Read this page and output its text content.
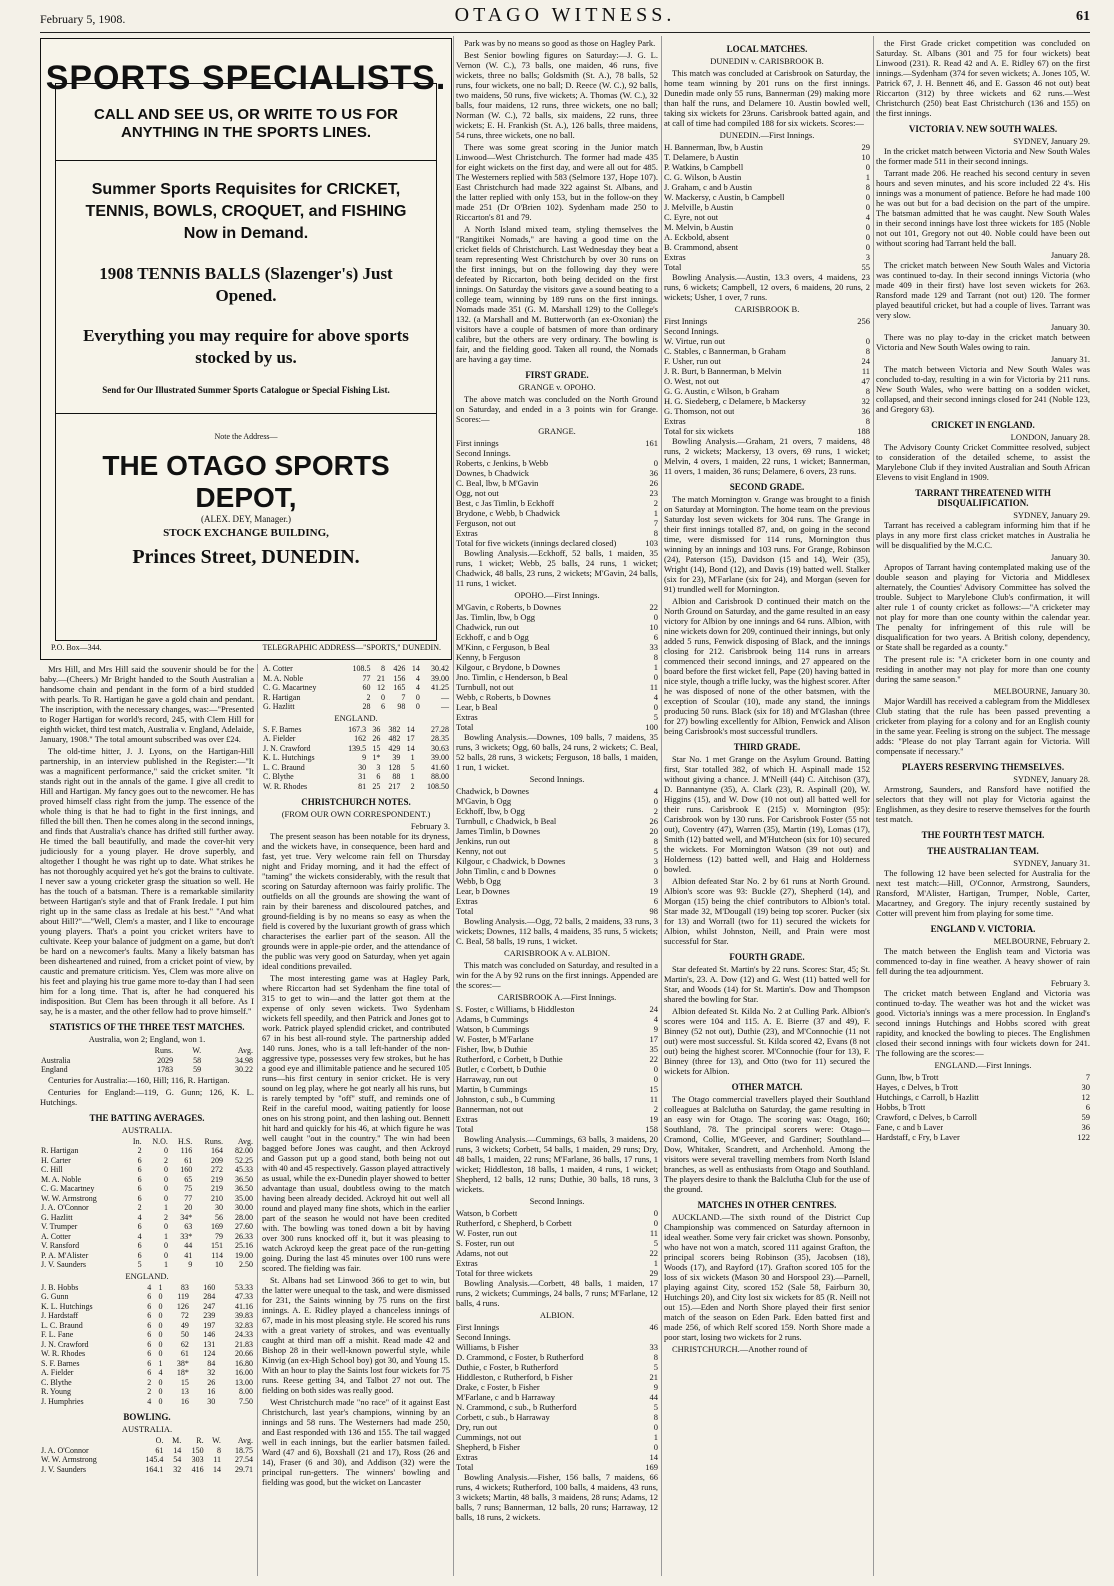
February 5, 1908.	OTAGO WITNESS.	61
SPORTS SPECIALISTS.
CALL AND SEE US, OR WRITE TO US FOR ANYTHING IN THE SPORTS LINES.
Summer Sports Requisites for CRICKET, TENNIS, BOWLS, CROQUET, and FISHING Now in Demand.
1908 TENNIS BALLS (Slazenger's) Just Opened.
Everything you may require for above sports stocked by us.
Send for Our Illustrated Summer Sports Catalogue or Special Fishing List.
Note the Address—
THE OTAGO SPORTS DEPOT,
(ALEX. DEY, Manager.)
STOCK EXCHANGE BUILDING,
Princes Street, DUNEDIN.
P.O. Box—344.	TELEGRAPHIC ADDRESS—"SPORTS," DUNEDIN.

Mrs Hill, and Mrs Hill said the souvenir should be for the baby.—(Cheers.) Mr Bright handed to the South Australian a handsome chain and pendant in the form of a bird studded with pearls. To R. Hartigan he gave a gold chain and pendant. The inscription, with the necessary changes, was:—"Presented to Roger Hartigan for world's record, 245, with Clem Hill for eighth wicket, third test match, Australia v. England, Adelaide, January, 1908." The total amount subscribed was over £24.

The old-time hitter, J. J. Lyons, on the Hartigan-Hill partnership, in an interview published in the Register:—"It was a magnificent performance," said the cricket smiter. "It stands right out in the annals of the game. I give all credit to Hill and Hartigan. My fancy goes out to the newcomer. He has proved himself class right from the jump. The essence of the whole thing is that he had to fight in the first innings, and filled the bill then. Then he comes along in the second innings, and finds that Australia's chance has drifted still further away. He timed the ball beautifully, and made the cover-hit very judiciously for a young player. He drove superbly, and altogether I thought he was right up to date. What strikes he has not thoroughly acquired yet he's got the brains to cultivate. I never saw a young cricketer grasp the situation so well. He has the touch of a batsman. There is a remarkable similarity between Hartigan's style and that of Frank Iredale. I put him right up in the same class as Iredale at his best." "And what about Hill?"—"Well, Clem's a master, and I like to encourage young players. That's a point you cricket writers have to cultivate. Keep your balance of judgment on a game, but don't be hard on a newcomer's faults. Many a likely batsman has been disheartened and ruined, from a cricket point of view, by caustic and premature criticism. Yes, Clem was more alive on his feet and playing his true game more to-day than I had seen him for a long time. That is, after he had conquered his indisposition. But Clem has been through it all before. As I say, he is a master, and the other fellow had to prove himself."

STATISTICS OF THE THREE TEST MATCHES.
Australia, won 2; England, won 1.
	Runs.	W.	Avg.
Australia	2029	58	34.98
England	1783	59	30.22

Centuries for Australia:—160, Hill; 116, R. Hartigan.

Centuries for England:—119, G. Gunn; 126, K. L. Hutchings.

THE BATTING AVERAGES.
AUSTRALIA.
	In.	N.O.	H.S.	Runs.	Avg.
R. Hartigan	2	0	116	164	82.00
H. Carter	6	2	61	209	52.25
C. Hill	6	0	160	272	45.33
M. A. Noble	6	0	65	219	36.50
C. G. Macartney	6	0	75	219	36.50
W. W. Armstrong	6	0	77	210	35.00
J. A. O'Connor	2	1	20	30	30.00
G. Hazlitt	4	2	34*	56	28.00
V. Trumper	6	0	63	169	27.60
A. Cotter	4	1	33*	79	26.33
V. Ransford	6	0	44	151	25.16
P. A. M'Alister	6	0	41	114	19.00
J. V. Saunders	5	1	9	10	2.50
ENGLAND.
J. B. Hobbs	4	1	83	160	53.33
G. Gunn	6	0	119	284	47.33
K. L. Hutchings	6	0	126	247	41.16
J. Hardstaff	6	0	72	239	39.83
L. C. Braund	6	0	49	197	32.83
F. L. Fane	6	0	50	146	24.33
J. N. Crawford	6	0	62	131	21.83
W. R. Rhodes	6	0	61	124	20.66
S. F. Barnes	6	1	38*	84	16.80
A. Fielder	6	4	18*	32	16.00
C. Blythe	2	0	15	26	13.00
R. Young	2	0	13	16	8.00
J. Humphries	4	0	16	30	7.50
BOWLING.
AUSTRALIA.
	O.	M.	R.	W.	Avg.
J. A. O'Connor	61	14	150	8	18.75
W. W. Armstrong	145.4	54	303	11	27.54
J. V. Saunders	164.1	32	416	14	29.71
A. Cotter	108.5	8	426	14	30.42
M. A. Noble	77	21	156	4	39.00
C. G. Macartney	60	12	165	4	41.25
R. Hartigan	2	0	7	0	—
G. Hazlitt	28	6	98	0	—
ENGLAND.
S. F. Barnes	167.3	36	382	14	27.28
A. Fielder	162	26	482	17	28.35
J. N. Crawford	139.5	15	429	14	30.63
K. L. Hutchings	9	1*	39	1	39.00
L. C. Braund	30	3	128	5	41.60
C. Blythe	31	6	88	1	88.00
W. R. Rhodes	81	25	217	2	108.50
CHRISTCHURCH NOTES.
(FROM OUR OWN CORRESPONDENT.)
February 3.

The present season has been notable for its dryness, and the wickets have, in consequence, been hard and fast, yet true. Very welcome rain fell on Thursday night and Friday morning, and it had the effect of "taming" the wickets considerably, with the result that scoring on Saturday afternoon was fairly prolific. The outfields on all the grounds are showing the want of rain by their bareness and discoloured patches, and ground-fielding is by no means so easy as when the field is covered by the luxuriant growth of grass which characterises the earlier part of the season. All the grounds were in apple-pie order, and the attendance of the public was very good on Saturday, when yet again ideal conditions prevailed.

The most interesting game was at Hagley Park, where Riccarton had set Sydenham the fine total of 315 to get to win—and the latter got them at the expense of only seven wickets. Two Sydenham wickets fell speedily, and then Patrick and Jones got to work. Patrick played splendid cricket, and contributed 67 in his best all-round style. The partnership added 140 runs. Jones, who is a tall left-hander of the non-aggressive type, possesses very few strokes, but he has a good eye and illimitable patience and he secured 105 runs—his first century in senior cricket. He is very sound on leg play, where he got nearly all his runs, but is rarely tempted by "off" stuff, and reminds one of Reif in the careful mood, waiting patiently for loose ones on his strong point, and then lashing out. Bennett hit hard and quickly for his 46, at which figure he was well caught "out in the country." The win had been bagged before Jones was caught, and then Ackroyd and Gasson put up a good stand, both being not out with 40 and 45 respectively. Gasson played attractively as usual, while the ex-Dunedin player showed to better advantage than usual, doubtless owing to the match having been already decided. Ackroyd hit out well all round and played many fine shots, which in the earlier part of the season he would not have been credited with. The bowling was toned down a bit by having over 300 runs knocked off it, but it was pleasing to watch Ackroyd keep the great pace of the run-getting going. During the last 45 minutes over 100 runs were scored. The fielding was fair.

St. Albans had set Linwood 366 to get to win, but the latter were unequal to the task, and were dismissed for 231, the Saints winning by 75 runs on the first innings. A. E. Ridley played a chanceless innings of 67, made in his most pleasing style. He scored his runs with a great variety of strokes, and was eventually caught at third man off a mishit. Read made 42 and Bishop 28 in their well-known powerful style, while Kinvig (an ex-High School boy) got 30, and Young 15. With an hour to play the Saints lost four wickets for 75 runs. Reese getting 34, and Talbot 27 not out. The fielding on both sides was really good.

West Christchurch made "no race" of it against East Christchurch, last year's champions, winning by an innings and 58 runs. The Westerners had made 250, and East responded with 136 and 155. The tail wagged well in each innings, but the earlier batsmen failed. Ward (47 and 6), Boxshall (21 and 17), Ross (26 and 14), Fraser (6 and 30), and Addison (32) were the principal run-getters. The winners' bowling and fielding was good, but the wicket on Lancaster

Park was by no means so good as those on Hagley Park.

Best Senior bowling figures on Saturday:—J. G. L. Vernon (W. C.), 73 balls, one maiden, 46 runs, five wickets, three no balls; Goldsmith (St. A.), 78 balls, 52 runs, four wickets, one no ball; D. Reece (W. C.), 92 balls, two maidens, 50 runs, five wickets; A. Thomas (W. C.), 32 balls, four maidens, 12 runs, three wickets, one no ball; Norman (W. C.), 72 balls, six maidens, 22 runs, three wickets; E. H. Frankish (St. A.), 126 balls, three maidens, 54 runs, three wickets, one no ball.

There was some great scoring in the Junior match Linwood—West Christchurch. The former had made 435 for eight wickets on the first day, and were all out for 485. The Westerners replied with 583 (Selmore 137, Hope 107). East Christchurch had made 322 against St. Albans, and the latter replied with only 153, but in the follow-on they made 251 (Dr O'Brien 102). Sydenham made 250 to Riccarton's 81 and 79.

A North Island mixed team, styling themselves the "Rangitikei Nomads," are having a good time on the cricket fields of Christchurch. Last Wednesday they beat a team representing West Christchurch by over 30 runs on the first innings, but on the following day they were defeated by Riccarton, both being decided on the first innings. On Saturday the visitors gave a sound beating to a college team, winning by 189 runs on the first innings. Nomads made 351 (G. M. Marshall 129) to the College's 132. (a Marshall and M. Butterworth (an ex-Oxonian) the visitors have a couple of batsmen of more than ordinary calibre, but the others are very ordinary. The bowling is fair, and the fielding good. Taken all round, the Nomads are having a gay time.

FIRST GRADE.
GRANGE v. OPOHO.

The above match was concluded on the North Ground on Saturday, and ended in a 3 points win for Grange. Scores:—

GRANGE.
First innings	161
Second Innings.
Roberts, c Jenkins, b Webb	0
Downes, b Chadwick	36
C. Beal, lbw, b M'Gavin	26
Ogg, not out	23
Best, c Jas Timlin, b Eckhoff	2
Brydone, c Webb, b Chadwick	1
Ferguson, not out	7
Extras	8
Total for five wickets (innings declared closed)	103

Bowling Analysis.—Eckhoff, 52 balls, 1 maiden, 35 runs, 1 wicket; Webb, 25 balls, 24 runs, 1 wicket; Chadwick, 48 balls, 23 runs, 2 wickets; M'Gavin, 24 balls, 11 runs, 1 wicket.

OPOHO.—First Innings.
M'Gavin, c Roberts, b Downes	22
Jas. Timlin, lbw, b Ogg	0
Chadwick, run out	10
Eckhoff, c and b Ogg	6
M'Kinn, c Ferguson, b Beal	33
Kenny, b Ferguson	8
Kilgour, c Brydone, b Downes	1
Jno. Timlin, c Henderson, b Beal	0
Turnbull, not out	11
Webb, c Roberts, b Downes	4
Lear, b Beal	0
Extras	5
Total	100

Bowling Analysis.—Downes, 109 balls, 7 maidens, 35 runs, 3 wickets; Ogg, 60 balls, 24 runs, 2 wickets; C. Beal, 52 balls, 28 runs, 3 wickets; Ferguson, 18 balls, 1 maiden, 1 run, 1 wicket.

Second Innings.
Chadwick, b Downes	4
M'Gavin, b Ogg	0
Eckhoff, lbw, b Ogg	2
Turnbull, c Chadwick, b Beal	26
James Timlin, b Downes	20
Jenkins, run out	8
Kenny, not out	5
Kilgour, c Chadwick, b Downes	3
John Timlin, c and b Downes	0
Webb, b Ogg	3
Lear, b Downes	19
Extras	6
Total	98

Bowling Analysis.—Ogg, 72 balls, 2 maidens, 33 runs, 3 wickets; Downes, 112 balls, 4 maidens, 35 runs, 5 wickets; C. Beal, 58 balls, 19 runs, 1 wicket.

CARISBROOK A v. ALBION.

This match was concluded on Saturday, and resulted in a win for the A by 92 runs on the first innings. Appended are the scores:—

CARISBROOK A.—First Innings.
S. Foster, c Williams, b Hiddleston	24
Adams, b Cummings	4
Watson, b Cummings	9
W. Foster, b M'Farlane	17
Fisher, lbw, b Duthie	35
Rutherford, c Corbett, b Duthie	22
Butler, c Corbett, b Duthie	0
Harraway, run out	0
Martin, b Cummings	15
Johnston, c sub., b Cumming	11
Bannerman, not out	2
Extras	19
Total	158

Bowling Analysis.—Cummings, 63 balls, 3 maidens, 20 runs, 3 wickets; Corbett, 54 balls, 1 maiden, 29 runs; Dry, 48 balls, 1 maiden, 22 runs; M'Farlane, 36 balls, 17 runs, 1 wicket; Hiddleston, 18 balls, 1 maiden, 4 runs, 1 wicket; Shepherd, 12 balls, 12 runs; Duthie, 30 balls, 18 runs, 3 wickets.

Second Innings.
Watson, b Corbett	0
Rutherford, c Shepherd, b Corbett	0
W. Foster, run out	11
S. Foster, run out	5
Adams, not out	22
Extras	1
Total for three wickets	29

Bowling Analysis.—Corbett, 48 balls, 1 maiden, 17 runs, 2 wickets; Cummings, 24 balls, 7 runs; M'Farlane, 12 balls, 4 runs.

ALBION.
First Innings	46
Second Innings.
Williams, b Fisher	33
D. Crammond, c Foster, b Rutherford	8
Duthie, c Foster, b Rutherford	5
Hiddleston, c Rutherford, b Fisher	21
Drake, c Foster, b Fisher	9
M'Farlane, c and b Harraway	44
N. Crammond, c sub., b Rutherford	5
Corbett, c sub., b Harraway	8
Dry, run out	0
Cummings, not out	1
Shepherd, b Fisher	0
Extras	14
Total	169

Bowling Analysis.—Fisher, 156 balls, 7 maidens, 66 runs, 4 wickets; Rutherford, 100 balls, 4 maidens, 43 runs, 3 wickets; Martin, 48 balls, 3 maidens, 28 runs; Adams, 12 balls, 7 runs; Bannerman, 12 balls, 20 runs; Harraway, 12 balls, 18 runs, 2 wickets.

LOCAL MATCHES.
DUNEDIN v. CARISBROOK B.

This match was concluded at Carisbrook on Saturday, the home team winning by 201 runs on the first innings. Dunedin made only 55 runs, Bannerman (29) making more than half the runs, and Delamere 10. Austin bowled well, taking six wickets for 23runs. Carisbrook batted again, and at call of time had compiled 188 for six wickets. Scores:—

DUNEDIN.—First Innings.
H. Bannerman, lbw, b Austin	29
T. Delamere, b Austin	10
P. Watkins, b Campbell	0
C. G. Wilson, b Austin	1
J. Graham, c and b Austin	8
W. Mackersy, c Austin, b Campbell	0
J. Melville, b Austin	0
C. Eyre, not out	4
M. Melvin, b Austin	0
A. Eckbold, absent	0
B. Crammond, absent	0
Extras	3
Total	55

Bowling Analysis.—Austin, 13.3 overs, 4 maidens, 23 runs, 6 wickets; Campbell, 12 overs, 6 maidens, 20 runs, 2 wickets; Usher, 1 over, 7 runs.

CARISBROOK B.
First Innings	256
Second Innings.
W. Virtue, run out	0
C. Stables, c Bannerman, b Graham	8
F. Usher, run out	24
J. R. Burt, b Bannerman, b Melvin	11
O. West, not out	47
G. G. Austin, c Wilson, b Graham	8
H. G. Siedeberg, c Delamere, b Mackersy	32
G. Thomson, not out	36
Extras	8
Total for six wickets	188

Bowling Analysis.—Graham, 21 overs, 7 maidens, 48 runs, 2 wickets; Mackersy, 13 overs, 69 runs, 1 wicket; Melvin, 4 overs, 1 maiden, 22 runs, 1 wicket; Bannerman, 11 overs, 1 maiden, 36 runs; Delamere, 6 overs, 23 runs.

SECOND GRADE.

The match Mornington v. Grange was brought to a finish on Saturday at Mornington. The home team on the previous Saturday lost seven wickets for 304 runs. The Grange in their first innings totalled 87, and, on going in the second time, were dismissed for 114 runs, Mornington thus winning by an innings and 103 runs. For Grange, Robinson (24), Paterson (15), Davidson (15 and 14), Weir (35), Wright (14), Bond (12), and Davis (19) batted well. Stalker (six for 23), M'Farlane (six for 24), and Morgan (seven for 91) trundled well for Mornington.

Albion and Carisbrook D continued their match on the North Ground on Saturday, and the game resulted in an easy victory for Albion by one innings and 64 runs. Albion, with nine wickets down for 209, continued their innings, but only added 5 runs, Fenwick disposing of Black, and the innings closing for 212. Carisbrook being 114 runs in arrears commenced their second innings, and 27 appeared on the board before the first wicket fell, Pape (20) having batted in nice style, though a trifle lucky, was the highest scorer. After he was disposed of none of the other batsmen, with the exception of Scoular (10), made any stand, the innings producing 50 runs. Black (six for 18) and M'Glashan (three for 27) bowling excellently for Albion, Fenwick and Alison being Carisbrook's most successful trundlers.

THIRD GRADE.

Star No. 1 met Grange on the Asylum Ground. Batting first, Star totalled 382, of which H. Aspinall made 152 without giving a chance. J. M'Neill (44) C. Aitchison (37), D. Bannantyne (35), A. Clark (23), R. Aspinall (20), W. Higgins (15), and W. Dow (10 not out) all batted well for their runs. Carisbrook E (215) v. Mornington (95): Carisbrook won by 130 runs. For Carisbrook Foster (55 not out), Coventry (47), Warren (35), Martin (19), Lomas (17), Smith (12) batted well, and M'Hutcheon (six for 10) secured the wickets. For Mornington Watson (39 not out) and Holderness (12) batted well, and Haig and Holderness bowled.

Albion defeated Star No. 2 by 61 runs at North Ground. Albion's score was 93: Buckle (27), Shepherd (14), and Morgan (15) being the chief contributors to Albion's total. Star made 32, M'Dougall (19) being top scorer. Pucker (six for 13) and Worrall (two for 11) secured the wickets for Albion, whilst Johnston, Neill, and Prain were most successful for Star.

FOURTH GRADE.

Star defeated St. Martin's by 22 runs. Scores: Star, 45; St. Martin's, 23. A. Dow (12) and G. West (11) batted well for Star, and Woods (14) for St. Martin's. Dow and Thompson shared the bowling for Star.

Albion defeated St. Kilda No. 2 at Culling Park. Albion's scores were 104 and 115. A. E. Bierre (37 and 49), F. Binney (52 not out), Duthie (23), and M'Connochie (11 not out) were most successful. St. Kilda scored 42, Evans (8 not out) being the highest scorer. M'Connochie (four for 13), F. Binney (three for 13), and Otto (two for 11) secured the wickets for Albion.

OTHER MATCH.

The Otago commercial travellers played their Southland colleagues at Balclutha on Saturday, the game resulting in an easy win for Otago. The scoring was: Otago, 160; Southland, 78. The principal scorers were: Otago—Cramond, Collie, M'Geever, and Gardiner; Southland—Dow, Whitaker, Scandrett, and Archenhold. Among the visitors were several travelling members from North Island branches, as well as enthusiasts from Otago and Southland. The players desire to thank the Balclutha Club for the use of the ground.

MATCHES IN OTHER CENTRES.

AUCKLAND.—The sixth round of the District Cup Championship was commenced on Saturday afternoon in ideal weather. Some very fair cricket was shown. Ponsonby, who have not won a match, scored 111 against Grafton, the principal scorers being Robinson (35), Jacobsen (18), Woods (17), and Rayford (17). Grafton scored 105 for the loss of six wickets (Mason 30 and Horspool 23).—Parnell, playing against City, scored 152 (Sale 58, Fairburn 30, Hutchings 20), and City lost six wickets for 85 (R. Neill not out 15).—Eden and North Shore played their first senior match of the season on Eden Park. Eden batted first and made 256, of which Relf scored 159. North Shore made a poor start, losing two wickets for 2 runs.

CHRISTCHURCH.—Another round of

the First Grade cricket competition was concluded on Saturday. St. Albans (301 and 75 for four wickets) beat Linwood (231). R. Read 42 and A. E. Ridley 67) on the first innings.—Sydenham (374 for seven wickets; A. Jones 105, W. Patrick 67, J. H. Bennett 46, and E. Gasson 46 not out) beat Riccarton (312) by three wickets and 62 runs.—West Christchurch (250) beat East Christchurch (136 and 155) on the first innings.

VICTORIA V. NEW SOUTH WALES.
SYDNEY, January 29.

In the cricket match between Victoria and New South Wales the former made 511 in their second innings.

Tarrant made 206. He reached his second century in seven hours and seven minutes, and his score included 22 4's. His innings was a monument of patience. Before he had made 100 he was out but for a bad decision on the part of the umpire. The batsman admitted that he was caught. New South Wales in their second innings have lost three wickets for 185 (Noble not out 101, Gregory not out 40. Noble could have been out without scoring had Tarrant held the ball.

January 28.

The cricket match between New South Wales and Victoria was continued to-day. In their second innings Victoria (who made 409 in their first) have lost seven wickets for 263. Ransford made 129 and Tarrant (not out) 120. The former played beautiful cricket, but had a couple of lives. Tarrant was very slow.

January 30.

There was no play to-day in the cricket match between Victoria and New South Wales owing to rain.

January 31.

The match between Victoria and New South Wales was concluded to-day, resulting in a win for Victoria by 211 runs. New South Wales, who were batting on a sodden wicket, collapsed, and their second innings closed for 241 (Noble 123, and Gregory 63).

CRICKET IN ENGLAND.
LONDON, January 28.

The Advisory County Cricket Committee resolved, subject to consideration of the detailed scheme, to assist the Marylebone Club if they invited Australian and South African Elevens to visit England in 1909.

TARRANT THREATENED WITH DISQUALIFICATION.
SYDNEY, January 29.

Tarrant has received a cablegram informing him that if he plays in any more first class cricket matches in Australia he will be disqualified by the M.C.C.

January 30.

Apropos of Tarrant having contemplated making use of the double season and playing for Victoria and Middlesex alternately, the Counties' Advisory Committee has solved the trouble. Subject to Marylebone Club's confirmation, it will alter rule 1 of county cricket as follows:—"A cricketer may not play for more than one county within the calendar year. The penalty for infringement of this rule will be disqualification for two years. A British colony, dependency, or State shall be regarded as a county."

The present rule is: "A cricketer born in one county and residing in another may not play for more than one county during the same season."

MELBOURNE, January 30.

Major Wardill has received a cablegram from the Middlesex Club stating that the rule has been passed preventing a cricketer from playing for a colony and for an English county in the same year. Feeling is strong on the subject. The message adds: "Please do not play Tarrant again for Victoria. Will compensate if necessary."

PLAYERS RESERVING THEMSELVES.
SYDNEY, January 28.

Armstrong, Saunders, and Ransford have notified the selectors that they will not play for Victoria against the Englishmen, as they desire to reserve themselves for the fourth test match.

THE FOURTH TEST MATCH.
THE AUSTRALIAN TEAM.
SYDNEY, January 31.

The following 12 have been selected for Australia for the next test match:—Hill, O'Connor, Armstrong, Saunders, Ransford, M'Alister, Hartigan, Trumper, Noble, Carter, Macartney, and Gregory. The injury recently sustained by Cotter will prevent him from playing for some time.

ENGLAND V. VICTORIA.
MELBOURNE, February 2.

The match between the English team and Victoria was commenced to-day in fine weather. A heavy shower of rain fell during the tea adjournment.

February 3.

The cricket match between England and Victoria was continued to-day. The weather was hot and the wicket was good. Victoria's innings was a mere procession. In England's second innings Hutchings and Hobbs scored with great rapidity, and knocked the bowling to pieces. The Englishmen closed their second innings with four wickets down for 241. The following are the scores:—

ENGLAND.—First Innings.
Gunn, lbw, b Trott	7
Hayes, c Delves, b Trott	30
Hutchings, c Carroll, b Hazlitt	12
Hobbs, b Trott	6
Crawford, c Delves, b Carroll	59
Fane, c and b Laver	36
Hardstaff, c Fry, b Laver	122
